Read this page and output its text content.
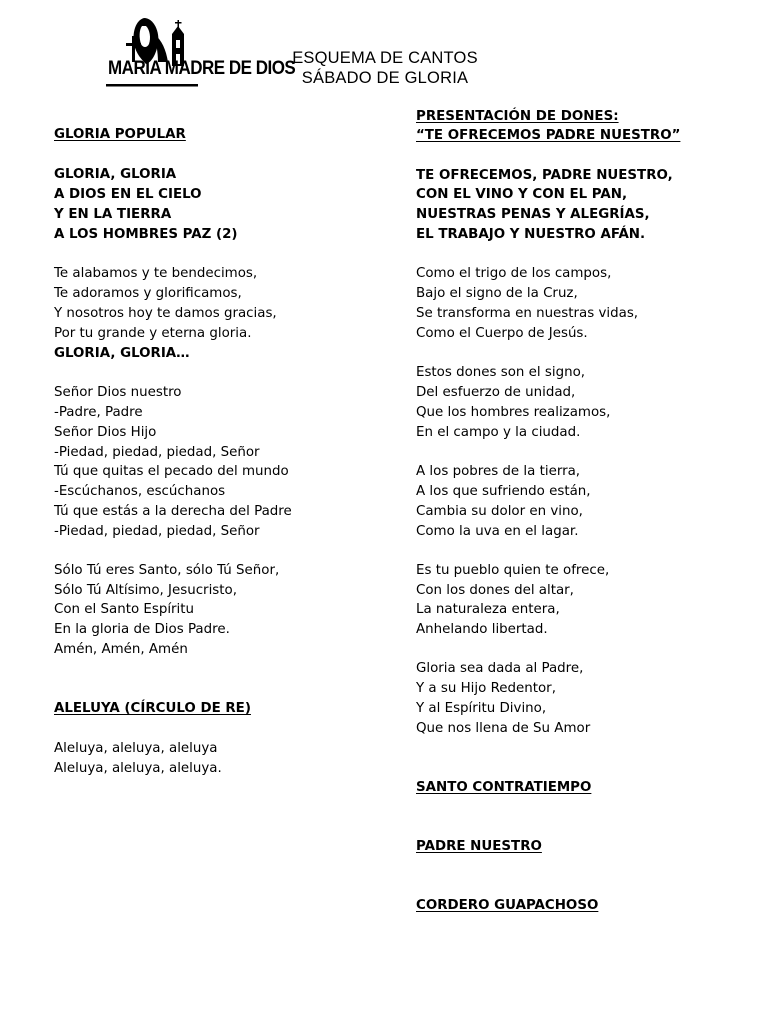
MARIA MADRE DE DIOS
ESQUEMA DE CANTOS
SÁBADO DE GLORIA
GLORIA POPULAR
GLORIA, GLORIA
A DIOS EN EL CIELO
Y EN LA TIERRA
A LOS HOMBRES PAZ (2)
Te alabamos y te bendecimos,
Te adoramos y glorificamos,
Y nosotros hoy te damos gracias,
Por tu grande y eterna gloria.
GLORIA, GLORIA…
Señor Dios nuestro
-Padre, Padre
Señor Dios Hijo
-Piedad, piedad, piedad, Señor
Tú que quitas el pecado del mundo
-Escúchanos, escúchanos
Tú que estás a la derecha del Padre
-Piedad, piedad, piedad, Señor
Sólo Tú eres Santo, sólo Tú Señor,
Sólo Tú Altísimo, Jesucristo,
Con el Santo Espíritu
En la gloria de Dios Padre.
Amén, Amén, Amén
ALELUYA (CÍRCULO DE RE)
Aleluya, aleluya, aleluya
Aleluya, aleluya, aleluya.
PRESENTACIÓN DE DONES:
“TE OFRECEMOS PADRE NUESTRO”
TE OFRECEMOS, PADRE NUESTRO,
CON EL VINO Y CON EL PAN,
NUESTRAS PENAS Y ALEGRÍAS,
EL TRABAJO Y NUESTRO AFÁN.
Como el trigo de los campos,
Bajo el signo de la Cruz,
Se transforma en nuestras vidas,
Como el Cuerpo de Jesús.
Estos dones son el signo,
Del esfuerzo de unidad,
Que los hombres realizamos,
En el campo y la ciudad.
A los pobres de la tierra,
A los que sufriendo están,
Cambia su dolor en vino,
Como la uva en el lagar.
Es tu pueblo quien te ofrece,
Con los dones del altar,
La naturaleza entera,
Anhelando libertad.
Gloria sea dada al Padre,
Y a su Hijo Redentor,
Y al Espíritu Divino,
Que nos llena de Su Amor
SANTO CONTRATIEMPO
PADRE NUESTRO
CORDERO GUAPACHOSO
